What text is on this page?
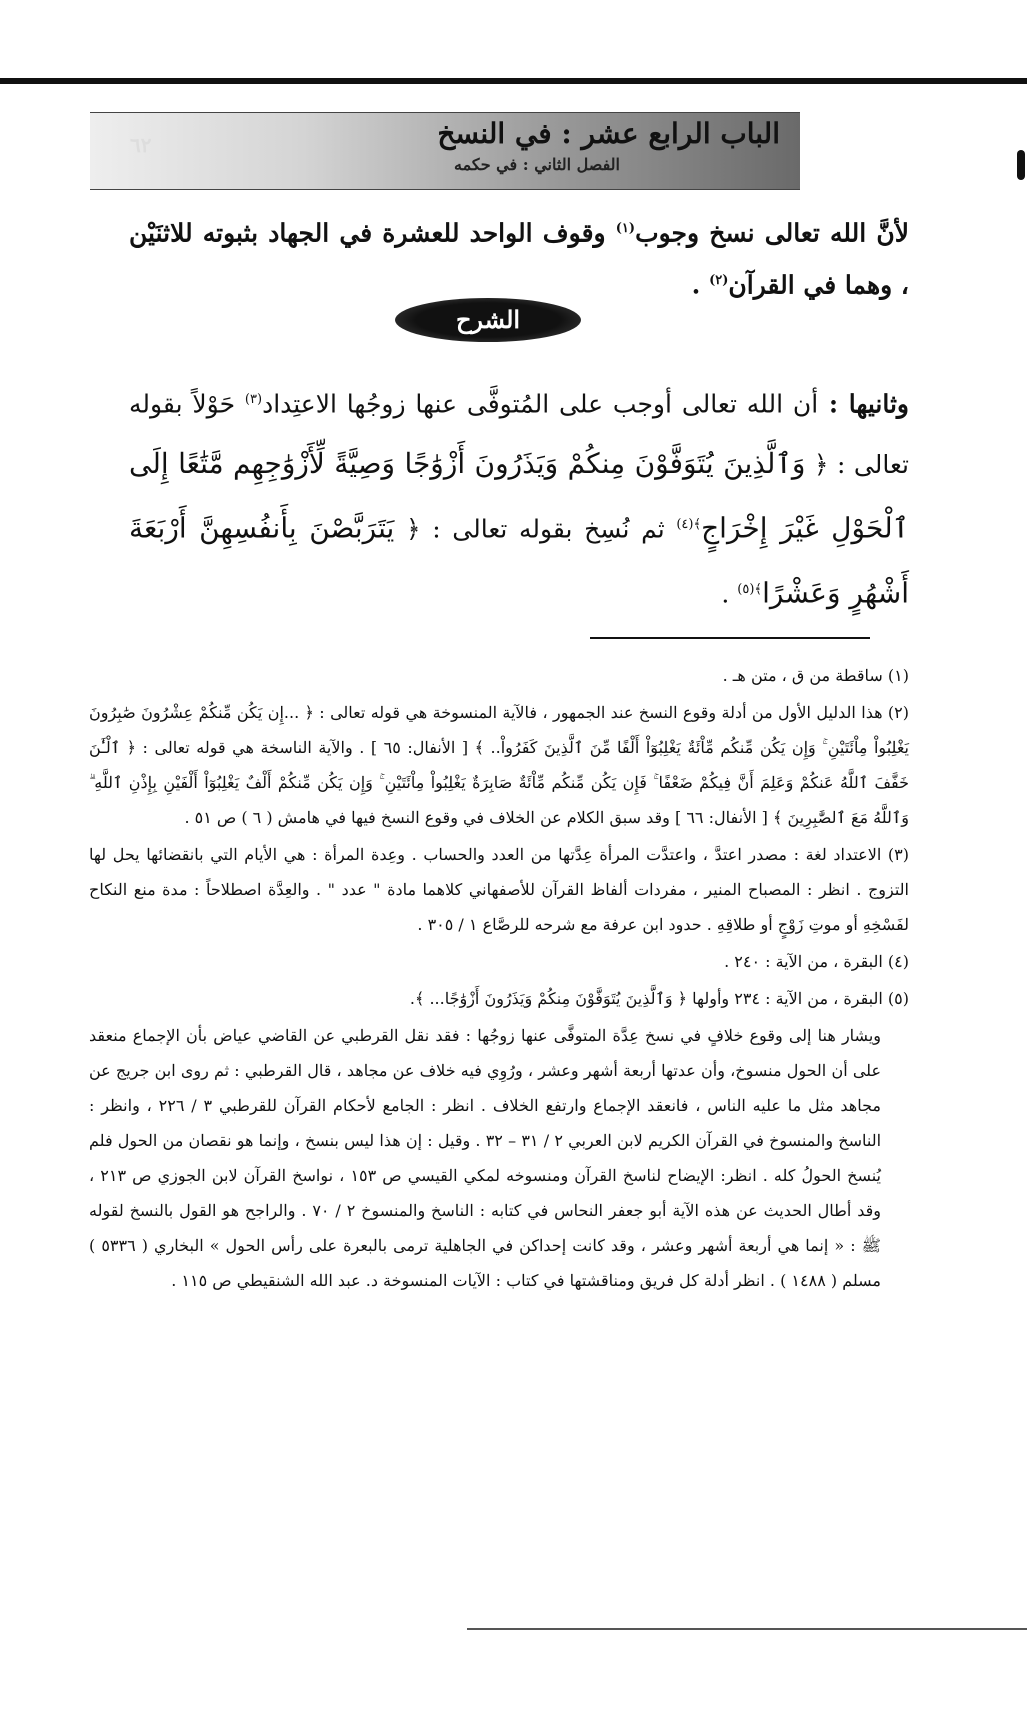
الباب الرابع عشر : في النسخ
الفصل الثاني : في حكمه
٦٢
لأنَّ الله تعالى نسخ وجوب$^{(١)}$ وقوف الواحد للعشرة في الجهاد بثبوته للاثنَيْن ، وهما في القرآن$^{(٢)}$ .
الشرح
وثانيها : أن الله تعالى أوجب على المُتوفَّى عنها زوجُها الاعتِداد$^{(٣)}$ حَوْلاً بقوله تعالى : ﴿ وَٱلَّذِينَ يُتَوَفَّوْنَ مِنكُمْ وَيَذَرُونَ أَزْوَٰجًا وَصِيَّةً لِّأَزْوَٰجِهِم مَّتَٰعًا إِلَى ٱلْحَوْلِ غَيْرَ إِخْرَاجٍ$^{﴾(٤)}$ ثم نُسِخ بقوله تعالى : ﴿ يَتَرَبَّصْنَ بِأَنفُسِهِنَّ أَرْبَعَةَ أَشْهُرٍ وَعَشْرًا$^{﴾(٥)}$ .

(١) ساقطة من ق ، متن هـ .

(٢) هذا الدليل الأول من أدلة وقوع النسخ عند الجمهور ، فالآية المنسوخة هي قوله تعالى : ﴿ ...إِن يَكُن مِّنكُمْ عِشْرُونَ صَٰبِرُونَ يَغْلِبُواْ مِاْئَتَيْنِ ۚ وَإِن يَكُن مِّنكُم مِّاْئَةٌ يَغْلِبُوٓاْ أَلْفًا مِّنَ ٱلَّذِينَ كَفَرُواْ.. ﴾ [ الأنفال: ٦٥ ] . والآية الناسخة هي قوله تعالى : ﴿ ٱلْـَٰٔنَ خَفَّفَ ٱللَّهُ عَنكُمْ وَعَلِمَ أَنَّ فِيكُمْ ضَعْفًا ۚ فَإِن يَكُن مِّنكُم مِّاْئَةٌ صَابِرَةٌ يَغْلِبُواْ مِاْئَتَيْنِ ۚ وَإِن يَكُن مِّنكُمْ أَلْفٌ يَغْلِبُوٓاْ أَلْفَيْنِ بِإِذْنِ ٱللَّهِ ۗ وَٱللَّهُ مَعَ ٱلصَّٰبِرِينَ ﴾ [ الأنفال: ٦٦ ] وقد سبق الكلام عن الخلاف في وقوع النسخ فيها في هامش ( ٦ ) ص ٥١ .

(٣) الاعتداد لغة : مصدر اعتدَّ ، واعتدَّت المرأة عِدَّتها من العدد والحساب . وعِدة المرأة : هي الأيام التي بانقضائها يحل لها التزوج . انظر : المصباح المنير ، مفردات ألفاظ القرآن للأصفهاني كلاهما مادة " عدد " . والعِدَّة اصطلاحاً : مدة منع النكاح لفَسْخِهِ أو موتِ زَوْجٍ أو طلاقِهِ . حدود ابن عرفة مع شرحه للرصَّاع ١ / ٣٠٥ .

(٤) البقرة ، من الآية : ٢٤٠ .

(٥) البقرة ، من الآية : ٢٣٤ وأولها ﴿ وَٱلَّذِينَ يُتَوَفَّوْنَ مِنكُمْ وَيَذَرُونَ أَزْوَٰجًا... ﴾.

ويشار هنا إلى وقوع خلافٍ في نسخ عِدَّة المتوفَّى عنها زوجُها : فقد نقل القرطبي عن القاضي عياض بأن الإجماع منعقد على أن الحول منسوخ، وأن عدتها أربعة أشهر وعشر ، ورُوِي فيه خلاف عن مجاهد ، قال القرطبي : ثم روى ابن جريج عن مجاهد مثل ما عليه الناس ، فانعقد الإجماع وارتفع الخلاف . انظر : الجامع لأحكام القرآن للقرطبي ٣ / ٢٢٦ ، وانظر : الناسخ والمنسوخ في القرآن الكريم لابن العربي ٢ / ٣١ – ٣٢ . وقيل : إن هذا ليس بنسخ ، وإنما هو نقصان من الحول فلم يُنسخ الحولُ كله . انظر: الإيضاح لناسخ القرآن ومنسوخه لمكي القيسي ص ١٥٣ ، نواسخ القرآن لابن الجوزي ص ٢١٣ ، وقد أطال الحديث عن هذه الآية أبو جعفر النحاس في كتابه : الناسخ والمنسوخ ٢ / ٧٠ . والراجح هو القول بالنسخ لقوله ﷺ : « إنما هي أربعة أشهر وعشر ، وقد كانت إحداكن في الجاهلية ترمى بالبعرة على رأس الحول » البخاري ( ٥٣٣٦ ) مسلم ( ١٤٨٨ ) . انظر أدلة كل فريق ومناقشتها في كتاب : الآيات المنسوخة د. عبد الله الشنقيطي ص ١١٥ .
